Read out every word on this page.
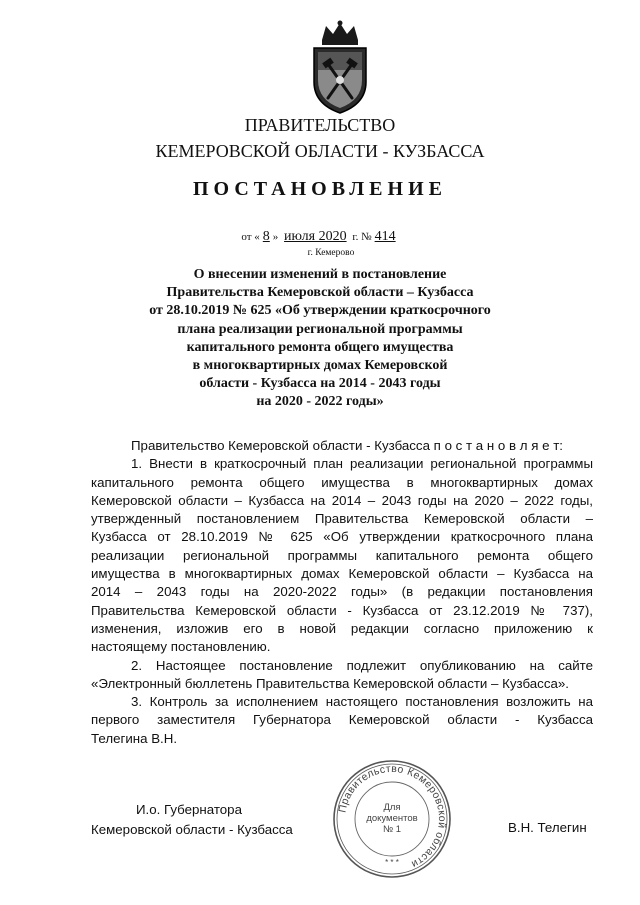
ПРАВИТЕЛЬСТВО
КЕМЕРОВСКОЙ ОБЛАСТИ - КУЗБАССА
ПОСТАНОВЛЕНИЕ
от « 8 » июля 2020 г. № 414
г. Кемерово
О внесении изменений в постановление
Правительства Кемеровской области – Кузбасса
от 28.10.2019 № 625 «Об утверждении краткосрочного
плана реализации региональной программы
капитального ремонта общего имущества
в многоквартирных домах Кемеровской
области - Кузбасса на 2014 - 2043 годы
на 2020 - 2022 годы»
Правительство Кемеровской области - Кузбасса п о с т а н о в л я е т:
1. Внести в краткосрочный план реализации региональной программы
капитального ремонта общего имущества в многоквартирных домах
Кемеровской области – Кузбасса на 2014 – 2043 годы на 2020 – 2022 годы,
утвержденный постановлением Правительства Кемеровской области –
Кузбасса от 28.10.2019 № 625 «Об утверждении краткосрочного плана
реализации региональной программы капитального ремонта общего
имущества в многоквартирных домах Кемеровской области – Кузбасса на
2014 – 2043 годы на 2020-2022 годы» (в редакции постановления
Правительства Кемеровской области - Кузбасса от 23.12.2019 № 737),
изменения, изложив его в новой редакции согласно приложению к
настоящему постановлению.
2. Настоящее постановление подлежит опубликованию на сайте
«Электронный бюллетень Правительства Кемеровской области – Кузбасса».
3. Контроль за исполнением настоящего постановления возложить на
первого заместителя Губернатора Кемеровской области - Кузбасса
Телегина В.Н.
И.о. Губернатора
Кемеровской области - Кузбасса	В.Н. Телегин
Правительство Кемеровской области
Для
документов
№ 1
* * *
